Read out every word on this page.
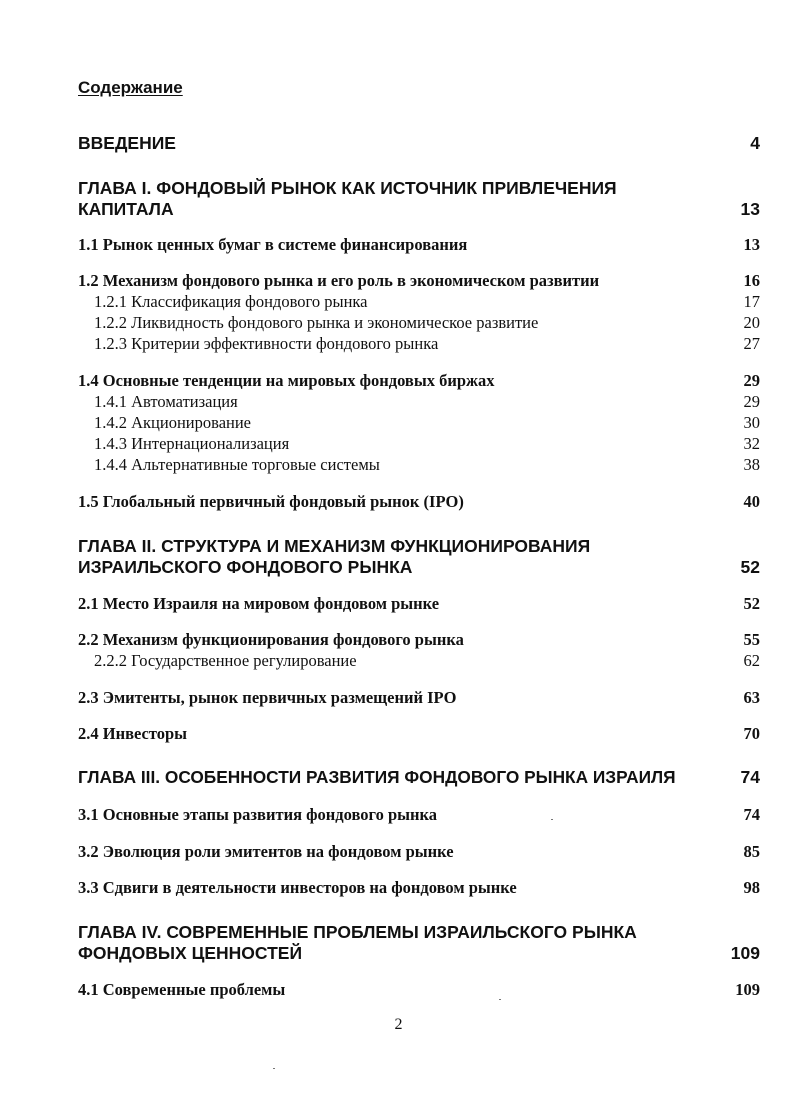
Содержание
ВВЕДЕНИЕ	4
ГЛАВА I. ФОНДОВЫЙ РЫНОК КАК ИСТОЧНИК ПРИВЛЕЧЕНИЯ
КАПИТАЛА	13
1.1 Рынок ценных бумаг в системе финансирования	13
1.2 Механизм фондового рынка и его роль в экономическом развитии	16
1.2.1 Классификация фондового рынка	17
1.2.2 Ликвидность фондового рынка и экономическое развитие	20
1.2.3 Критерии эффективности фондового рынка	27
1.4 Основные тенденции на мировых фондовых биржах	29
1.4.1 Автоматизация	29
1.4.2 Акционирование	30
1.4.3 Интернационализация	32
1.4.4 Альтернативные торговые системы	38
1.5 Глобальный первичный фондовый рынок (IPO)	40
ГЛАВА II. СТРУКТУРА И МЕХАНИЗМ ФУНКЦИОНИРОВАНИЯ
ИЗРАИЛЬСКОГО ФОНДОВОГО РЫНКА	52
2.1 Место Израиля на мировом фондовом рынке	52
2.2 Механизм функционирования фондового рынка	55
2.2.2 Государственное регулирование	62
2.3 Эмитенты, рынок первичных размещений IPO	63
2.4 Инвесторы	70
ГЛАВА III. ОСОБЕННОСТИ РАЗВИТИЯ ФОНДОВОГО РЫНКА ИЗРАИЛЯ	74
3.1 Основные этапы развития фондового рынка	74
3.2 Эволюция роли эмитентов на фондовом рынке	85
3.3 Сдвиги в деятельности инвесторов на фондовом рынке	98
ГЛАВА IV. СОВРЕМЕННЫЕ ПРОБЛЕМЫ ИЗРАИЛЬСКОГО РЫНКА
ФОНДОВЫХ ЦЕННОСТЕЙ	109
4.1 Современные проблемы	109
2
